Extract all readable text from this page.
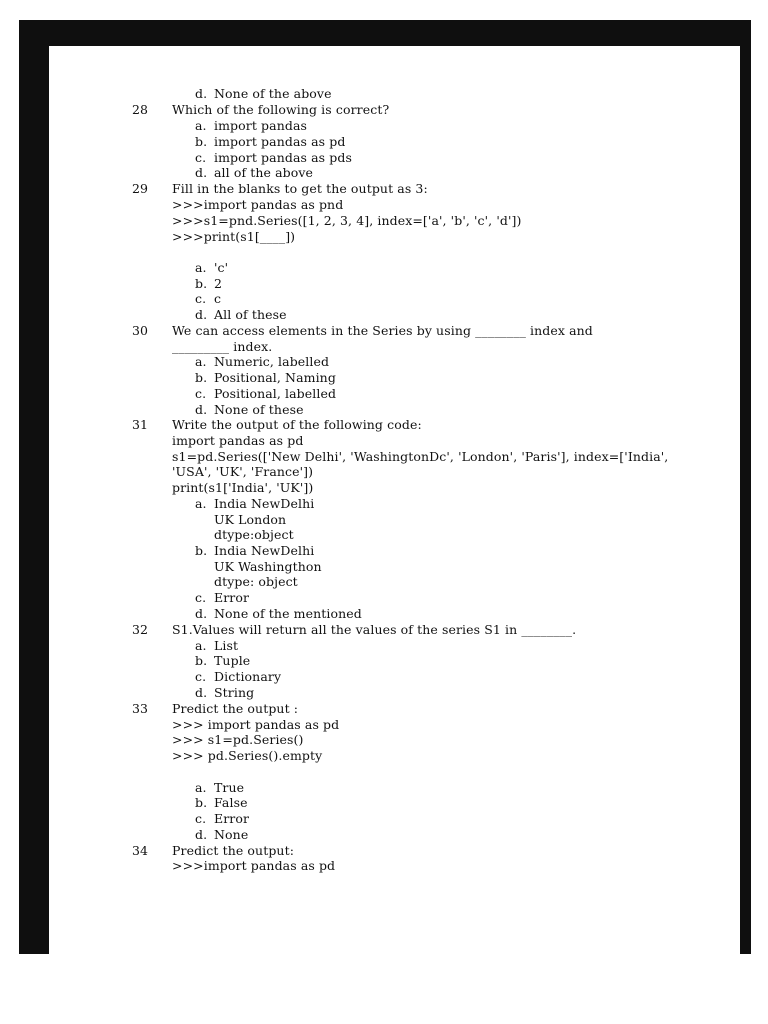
d. None of the above
28	Which of the following is correct?
a. import pandas
b. import pandas as pd
c. import pandas as pds
d. all of the above
29	Fill in the blanks to get the output as 3:
>>>import pandas as pnd
>>>s1=pnd.Series([1, 2, 3, 4], index=['a', 'b', 'c', 'd'])
>>>print(s1[____])
a. 'c'
b. 2
c. c
d. All of these
30	We can access elements in the Series by using ________ index and
_________ index.
a. Numeric, labelled
b. Positional, Naming
c. Positional, labelled
d. None of these
31	Write the output of the following code:
import pandas as pd
s1=pd.Series(['New Delhi', 'WashingtonDc', 'London', 'Paris'], index=['India',
'USA', 'UK', 'France'])
print(s1['India', 'UK'])
a. India NewDelhi
UK London
dtype:object
b. India NewDelhi
UK Washingthon
dtype: object
c. Error
d. None of the mentioned
32	S1.Values will return all the values of the series S1 in ________.
a. List
b. Tuple
c. Dictionary
d. String
33	Predict the output :
>>> import pandas as pd
>>> s1=pd.Series()
>>> pd.Series().empty
a. True
b. False
c. Error
d. None
34	Predict the output:
>>>import pandas as pd
